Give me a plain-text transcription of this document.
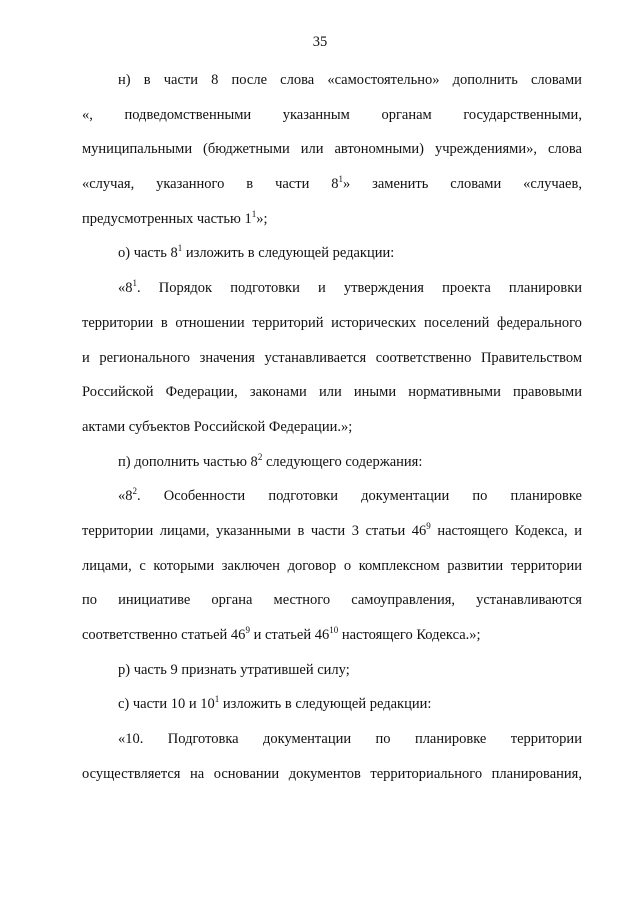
35
н) в части 8 после слова «самостоятельно» дополнить словами
«, подведомственными указанным органам государственными,
муниципальными (бюджетными или автономными) учреждениями», слова
«случая, указанного в части $8^1$» заменить словами «случаев,
предусмотренных частью $1^1$»;
о) часть $8^1$ изложить в следующей редакции:
«$8^1$. Порядок подготовки и утверждения проекта планировки
территории в отношении территорий исторических поселений федерального
и регионального значения устанавливается соответственно Правительством
Российской Федерации, законами или иными нормативными правовыми
актами субъектов Российской Федерации.»;
п) дополнить частью $8^2$ следующего содержания:
«$8^2$. Особенности подготовки документации по планировке
территории лицами, указанными в части 3 статьи $46^9$ настоящего Кодекса, и
лицами, с которыми заключен договор о комплексном развитии территории
по инициативе органа местного самоуправления, устанавливаются
соответственно статьей $46^9$ и статьей $46^{10}$ настоящего Кодекса.»;
р) часть 9 признать утратившей силу;
с) части 10 и $10^1$ изложить в следующей редакции:
«10. Подготовка документации по планировке территории
осуществляется на основании документов территориального планирования,
